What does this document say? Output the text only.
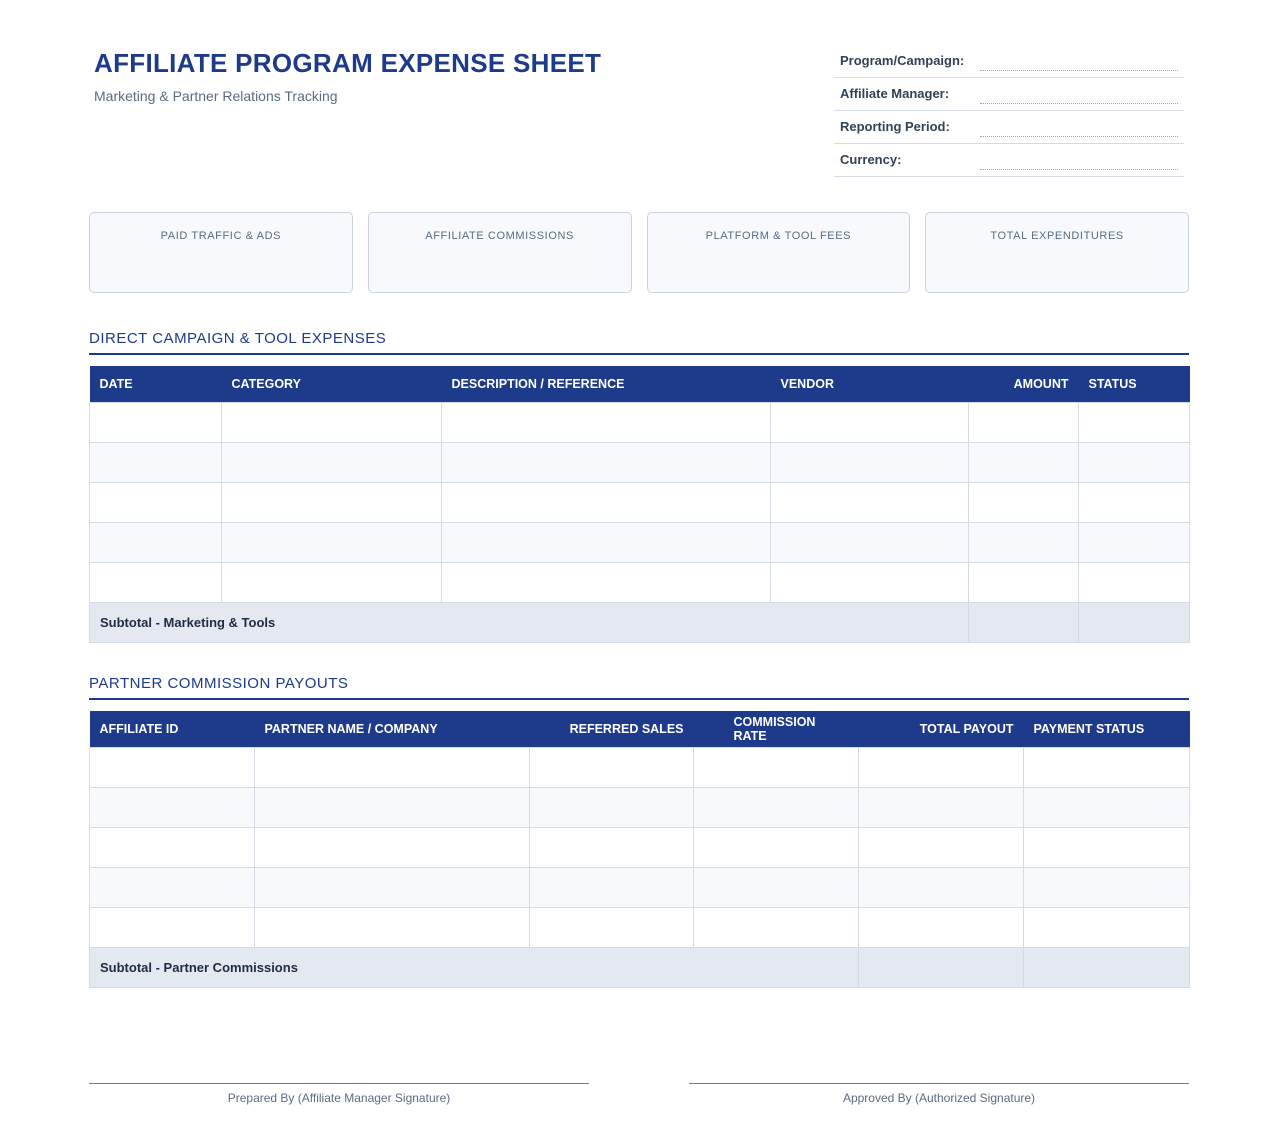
AFFILIATE PROGRAM EXPENSE SHEET
Marketing & Partner Relations Tracking
Program/Campaign:
Affiliate Manager:
Reporting Period:
Currency:
PAID TRAFFIC & ADS	AFFILIATE COMMISSIONS	PLATFORM & TOOL FEES	TOTAL EXPENDITURES
DIRECT CAMPAIGN & TOOL EXPENSES
DATE	CATEGORY	DESCRIPTION / REFERENCE	VENDOR	AMOUNT	STATUS

Subtotal - Marketing & Tools					
PARTNER COMMISSION PAYOUTS
AFFILIATE ID	PARTNER NAME / COMPANY	REFERRED SALES	COMMISSION RATE	TOTAL PAYOUT	PAYMENT STATUS

Subtotal - Partner Commissions					
Prepared By (Affiliate Manager Signature)	Approved By (Authorized Signature)
